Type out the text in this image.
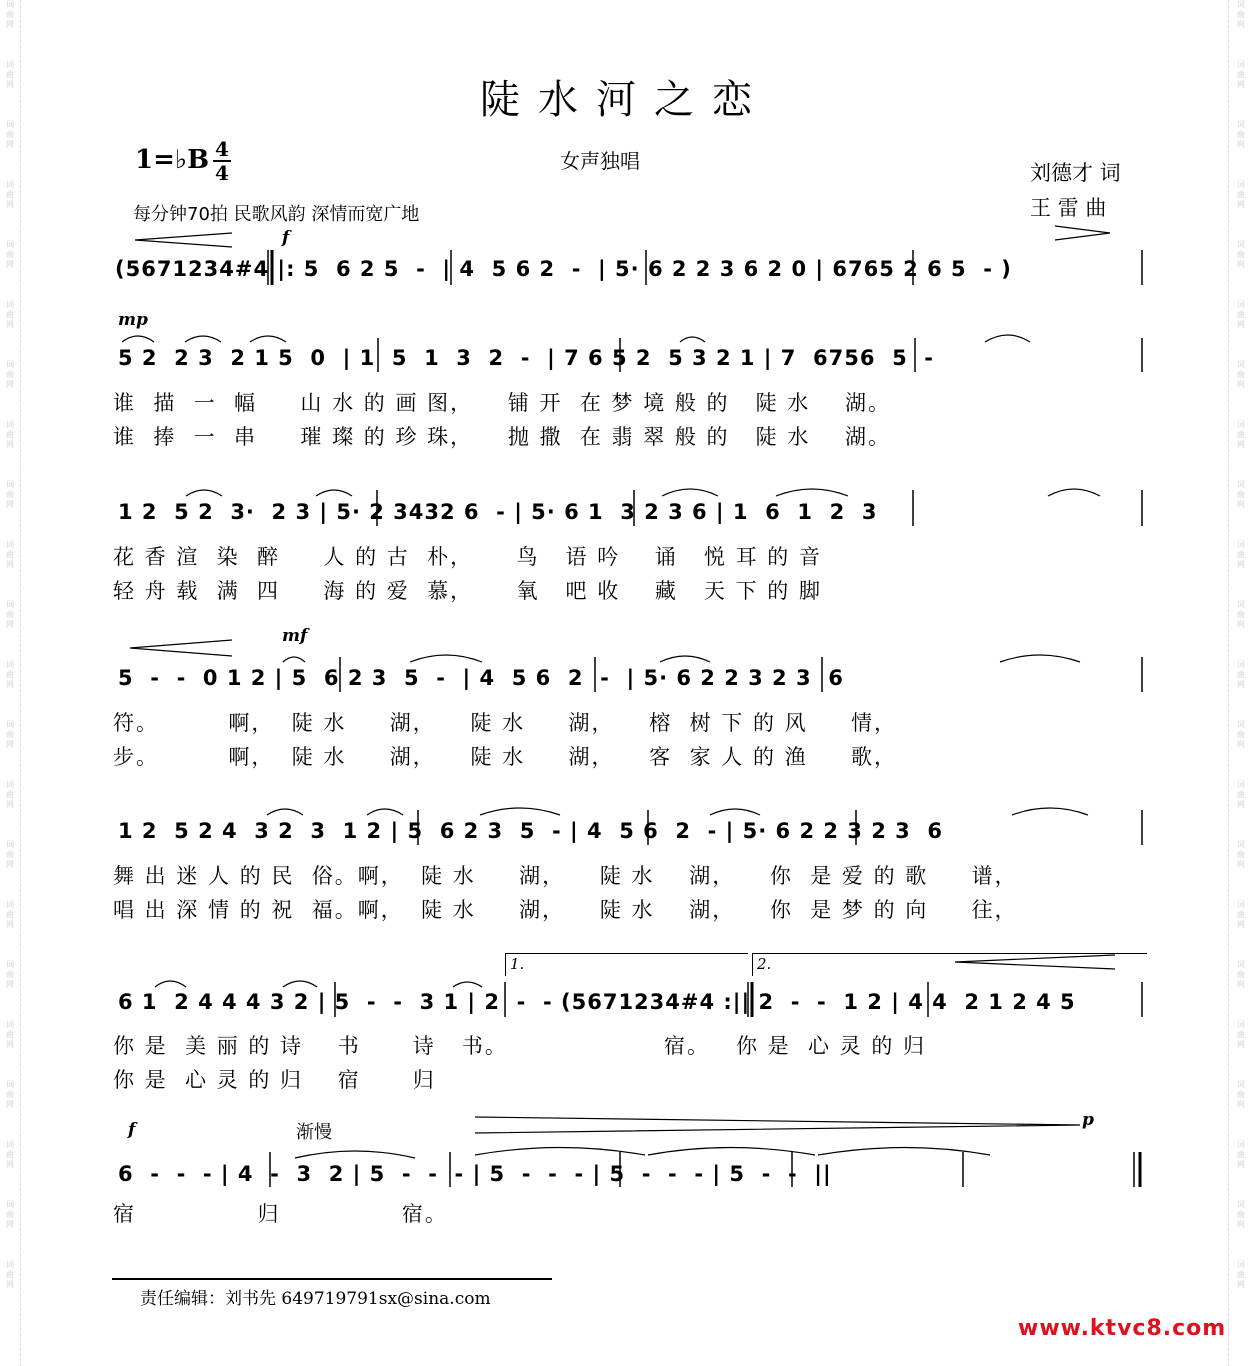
陡水河之恋
女声独唱
1=♭B 4
4
每分钟70拍 民歌风韵 深情而宽广地
刘德才 词
王 雷 曲
f
(5671234#4 |: 5  6 2 5  -  | 4  5 6 2  -  | 5· 6 2 2 3 6 2 0 | 6765 2 6 5  - )
mp
5 2  2 3  2 1 5  0  | 1  5  1  3  2  -  | 7 6 5 2  5 3 2 1 | 7  6756  5  -
谁  描  一  幅     山 水 的 画 图，    铺 开  在 梦 境 般 的   陡 水    湖。
谁  捧  一  串     璀 璨 的 珍 珠，    抛 撒  在 翡 翠 般 的   陡 水    湖。
1 2  5 2  3·  2 3 | 5· 2 3432 6  - | 5· 6 1  3 2 3 6 | 1  6  1  2  3
花 香 渲  染  醉     人 的 古  朴，     鸟   语 吟    诵   悦 耳 的 音
轻 舟 载  满  四     海 的 爱  慕，     氧   吧 收    藏   天 下 的 脚
mf
5  -  -  0 1 2 | 5  6 2 3  5  -  | 4  5 6  2  -  | 5· 6 2 2 3 2 3  6
符。        啊，  陡 水     湖，    陡 水     湖，    榕  树 下 的 风     情，
步。        啊，  陡 水     湖，    陡 水     湖，    客  家 人 的 渔     歌，
1 2  5 2 4  3 2  3  1 2 | 5  6 2 3  5  - | 4  5 6  2  - | 5· 6 2 2 3 2 3  6
舞 出 迷 人 的 民  俗。啊，  陡 水     湖，    陡 水    湖，    你  是 爱 的 歌     谱，
唱 出 深 情 的 祝  福。啊，  陡 水     湖，    陡 水    湖，    你  是 梦 的 向     往，
1.	2.
6 1  2 4 4 4 3 2 | 5  -  -  3 1 | 2  -  - (5671234#4 :|| 2  -  -  1 2 | 4 4  2 1 2 4 5
你 是  美 丽 的 诗    书      诗   书。                  宿。   你 是  心 灵 的 归
你 是  心 灵 的 归    宿      归
f	渐慢
p
6  -  -  - | 4  -  3  2 | 5  -  -  - | 5  -  -  - | 5  -  -  - | 5  -  -  ||
宿              归              宿。
责任编辑：刘书先 649719791sx@sina.com
www.ktvc8.com
词
曲
网
词
曲
网
词
曲
网
词
曲
网
词
曲
网
词
曲
网
词
曲
网
词
曲
网
词
曲
网
词
曲
网
词
曲
网
词
曲
网
词
曲
网
词
曲
网
词
曲
网
词
曲
网
词
曲
网
词
曲
网
词
曲
网
词
曲
网
词
曲
网
词
曲
网
词
曲
网
词
曲
网
词
曲
网
词
曲
网
词
曲
网
词
曲
网
词
曲
网
词
曲
网
词
曲
网
词
曲
网
词
曲
网
词
曲
网
词
曲
网
词
曲
网
词
曲
网
词
曲
网
词
曲
网
词
曲
网
词
曲
网
词
曲
网
词
曲
网
词
曲
网
